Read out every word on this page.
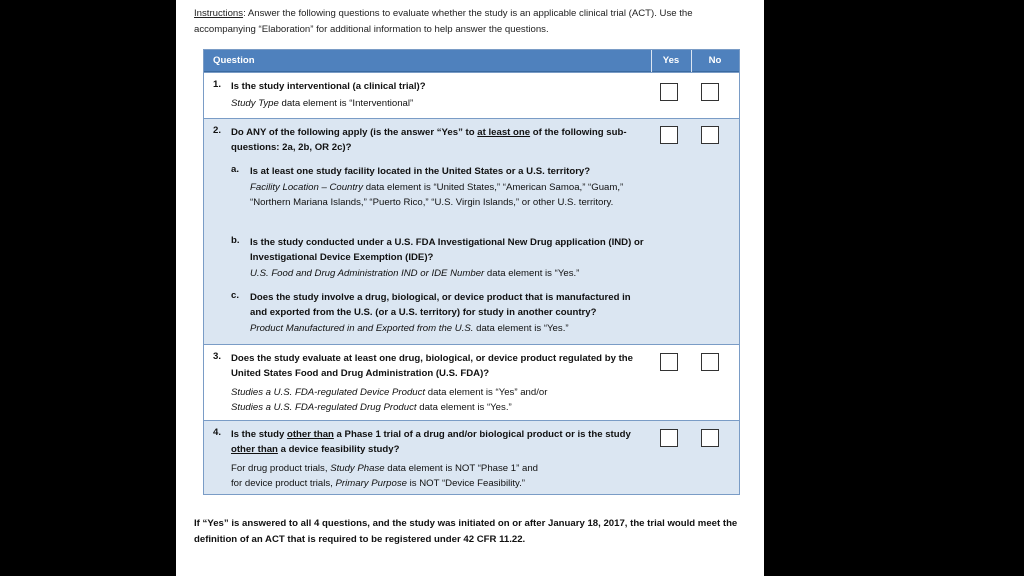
Instructions: Answer the following questions to evaluate whether the study is an applicable clinical trial (ACT). Use the accompanying “Elaboration” for additional information to help answer the questions.
Question	Yes	No
1. Is the study interventional (a clinical trial)?
Study Type data element is “Interventional”
2. Do ANY of the following apply (is the answer “Yes” to at least one of the following sub-questions: 2a, 2b, OR 2c)?
a. Is at least one study facility located in the United States or a U.S. territory?
Facility Location – Country data element is “United States,” “American Samoa,” “Guam,” “Northern Mariana Islands,” “Puerto Rico,” “U.S. Virgin Islands,” or other U.S. territory.
b. Is the study conducted under a U.S. FDA Investigational New Drug application (IND) or Investigational Device Exemption (IDE)?
U.S. Food and Drug Administration IND or IDE Number data element is “Yes.”
c. Does the study involve a drug, biological, or device product that is manufactured in and exported from the U.S. (or a U.S. territory) for study in another country?
Product Manufactured in and Exported from the U.S. data element is “Yes.”
3. Does the study evaluate at least one drug, biological, or device product regulated by the United States Food and Drug Administration (U.S. FDA)?
Studies a U.S. FDA-regulated Device Product data element is “Yes” and/or
Studies a U.S. FDA-regulated Drug Product data element is “Yes.”
4. Is the study other than a Phase 1 trial of a drug and/or biological product or is the study other than a device feasibility study?
For drug product trials, Study Phase data element is NOT “Phase 1” and
for device product trials, Primary Purpose is NOT “Device Feasibility.”
If “Yes” is answered to all 4 questions, and the study was initiated on or after January 18, 2017, the trial would meet the definition of an ACT that is required to be registered under 42 CFR 11.22.
